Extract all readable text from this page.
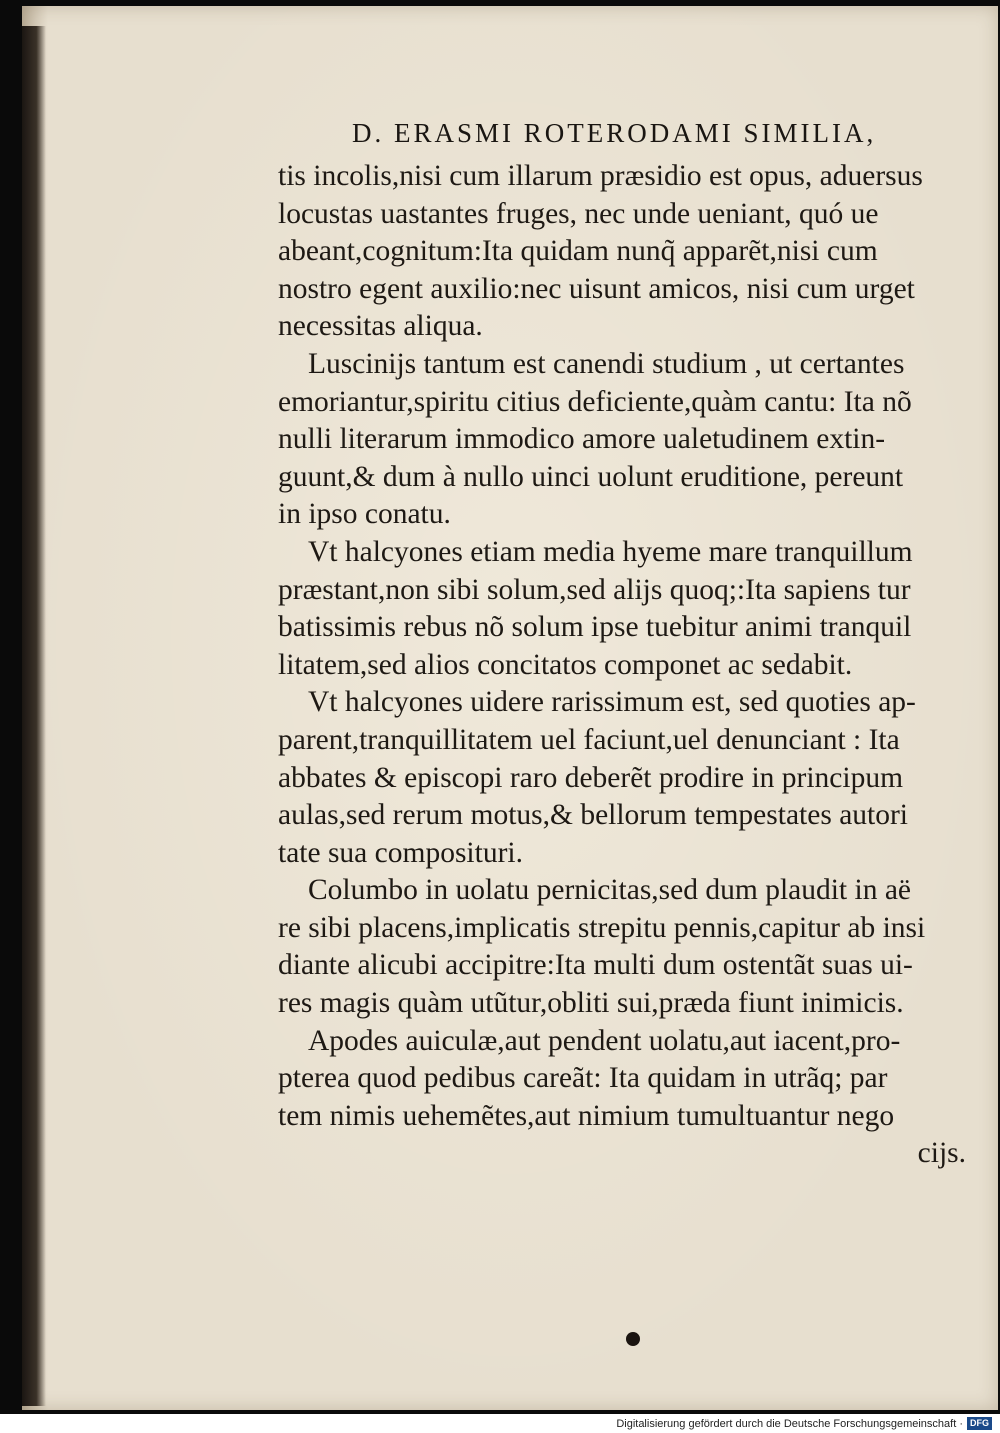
D. ERASMI ROTERODAMI SIMILIA,
tis incolis,nisi cum illarum præsidio est opus, aduersus
locustas uastantes fruges, nec unde ueniant, quó ue
abeant,cognitum:Ita quidam nunq̃ apparẽt,nisi cum
nostro egent auxilio:nec uisunt amicos, nisi cum urget
necessitas aliqua.
Luscinijs tantum est canendi studium , ut certantes
emoriantur,spiritu citius deficiente,quàm cantu: Ita nõ
nulli literarum immodico amore ualetudinem extin-
guunt,& dum à nullo uinci uolunt eruditione, pereunt
in ipso conatu.
Vt halcyones etiam media hyeme mare tranquillum
præstant,non sibi solum,sed alijs quoq;:Ita sapiens tur
batissimis rebus nõ solum ipse tuebitur animi tranquil
litatem,sed alios concitatos componet ac sedabit.
Vt halcyones uidere rarissimum est, sed quoties ap-
parent,tranquillitatem uel faciunt,uel denunciant : Ita
abbates & episcopi raro deberẽt prodire in principum
aulas,sed rerum motus,& bellorum tempestates autori
tate sua composituri.
Columbo in uolatu pernicitas,sed dum plaudit in aë
re sibi placens,implicatis strepitu pennis,capitur ab insi
diante alicubi accipitre:Ita multi dum ostentãt suas ui-
res magis quàm utũtur,obliti sui,præda fiunt inimicis.
Apodes auiculæ,aut pendent uolatu,aut iacent,pro-
pterea quod pedibus careãt: Ita quidam in utrãq; par
tem nimis uehemẽtes,aut nimium tumultuantur nego
cijs.
Digitalisierung gefördert durch die Deutsche Forschungsgemeinschaft · DFG
